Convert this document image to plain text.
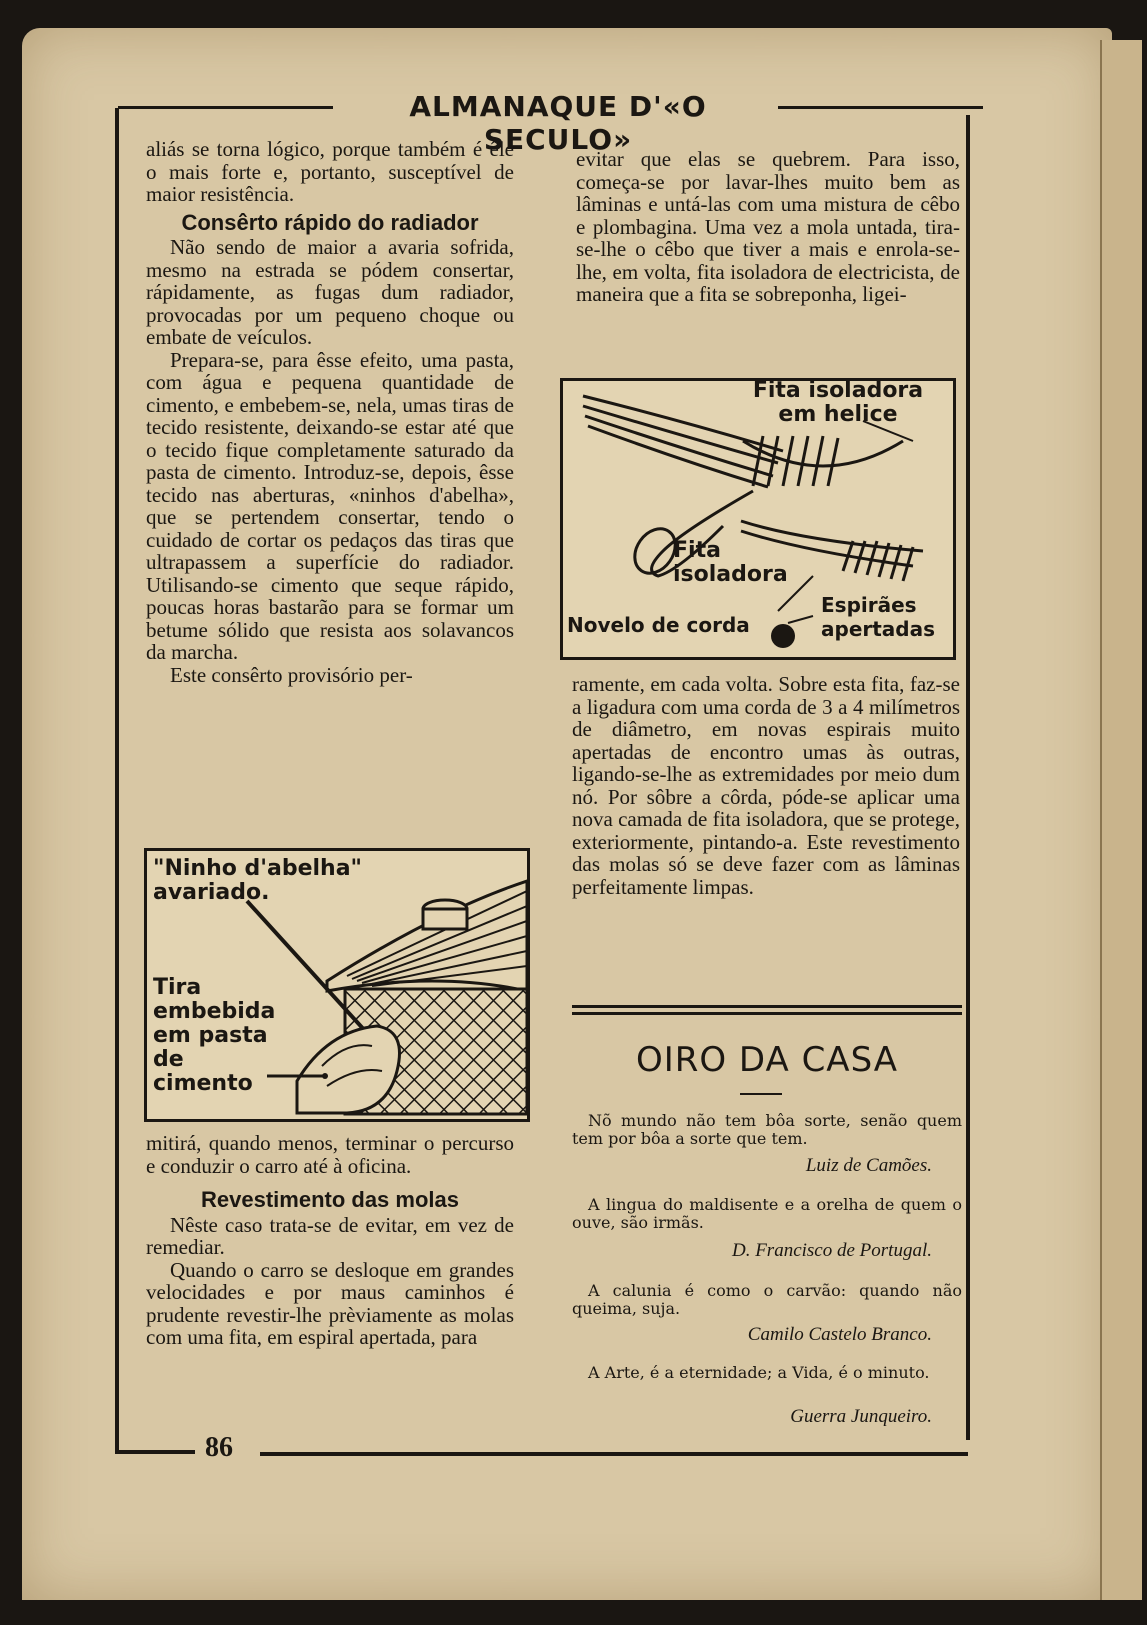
ALMANAQUE D'«O SECULO»

aliás se torna lógico, porque também é êle o mais forte e, portanto, susceptível de maior resistência.

Consêrto rápido do radiador

Não sendo de maior a avaria sofrida, mesmo na estrada se pódem consertar, rápidamente, as fugas dum radiador, provocadas por um pequeno choque ou embate de veículos.

Prepara-se, para êsse efeito, uma pasta, com água e pequena quantidade de cimento, e embebem-se, nela, umas tiras de tecido resistente, deixando-se estar até que o tecido fique completamente saturado da pasta de cimento. Introduz-se, depois, êsse tecido nas aberturas, «ninhos d'abelha», que se pertendem consertar, tendo o cuidado de cortar os pedaços das tiras que ultrapassem a superfície do radiador. Utilisando-se cimento que seque rápido, poucas horas bastarão para se formar um betume sólido que resista aos solavancos da marcha.

Este consêrto provisório per-

"Ninho d'abelha" avariado.
Tira embebida em pasta de cimento

mitirá, quando menos, terminar o percurso e conduzir o carro até à oficina.

Revestimento das molas

Nêste caso trata-se de evitar, em vez de remediar.

Quando o carro se desloque em grandes velocidades e por maus caminhos é prudente revestir-lhe prèviamente as molas com uma fita, em espiral apertada, para

evitar que elas se quebrem. Para isso, começa-se por lavar-lhes muito bem as lâminas e untá-las com uma mistura de cêbo e plombagina. Uma vez a mola untada, tira-se-lhe o cêbo que tiver a mais e enrola-se-lhe, em volta, fita isoladora de electricista, de maneira que a fita se sobreponha, ligei-

Fita isoladora em helice
Fita isoladora
Novelo de corda
Espirães apertadas

ramente, em cada volta. Sobre esta fita, faz-se a ligadura com uma corda de 3 a 4 milímetros de diâmetro, em novas espirais muito apertadas de encontro umas às outras, ligando-se-lhe as extremidades por meio dum nó. Por sôbre a côrda, póde-se aplicar uma nova camada de fita isoladora, que se protege, exteriormente, pintando-a. Este revestimento das molas só se deve fazer com as lâminas perfeitamente limpas.

OIRO DA CASA
Nõ mundo não tem bôa sorte, senão quem tem por bôa a sorte que tem.
Luiz de Camões.
A lingua do maldisente e a orelha de quem o ouve, são irmãs.
D. Francisco de Portugal.
A calunia é como o carvão: quando não queima, suja.
Camilo Castelo Branco.
A Arte, é a eternidade; a Vida, é o minuto.
Guerra Junqueiro.
86
